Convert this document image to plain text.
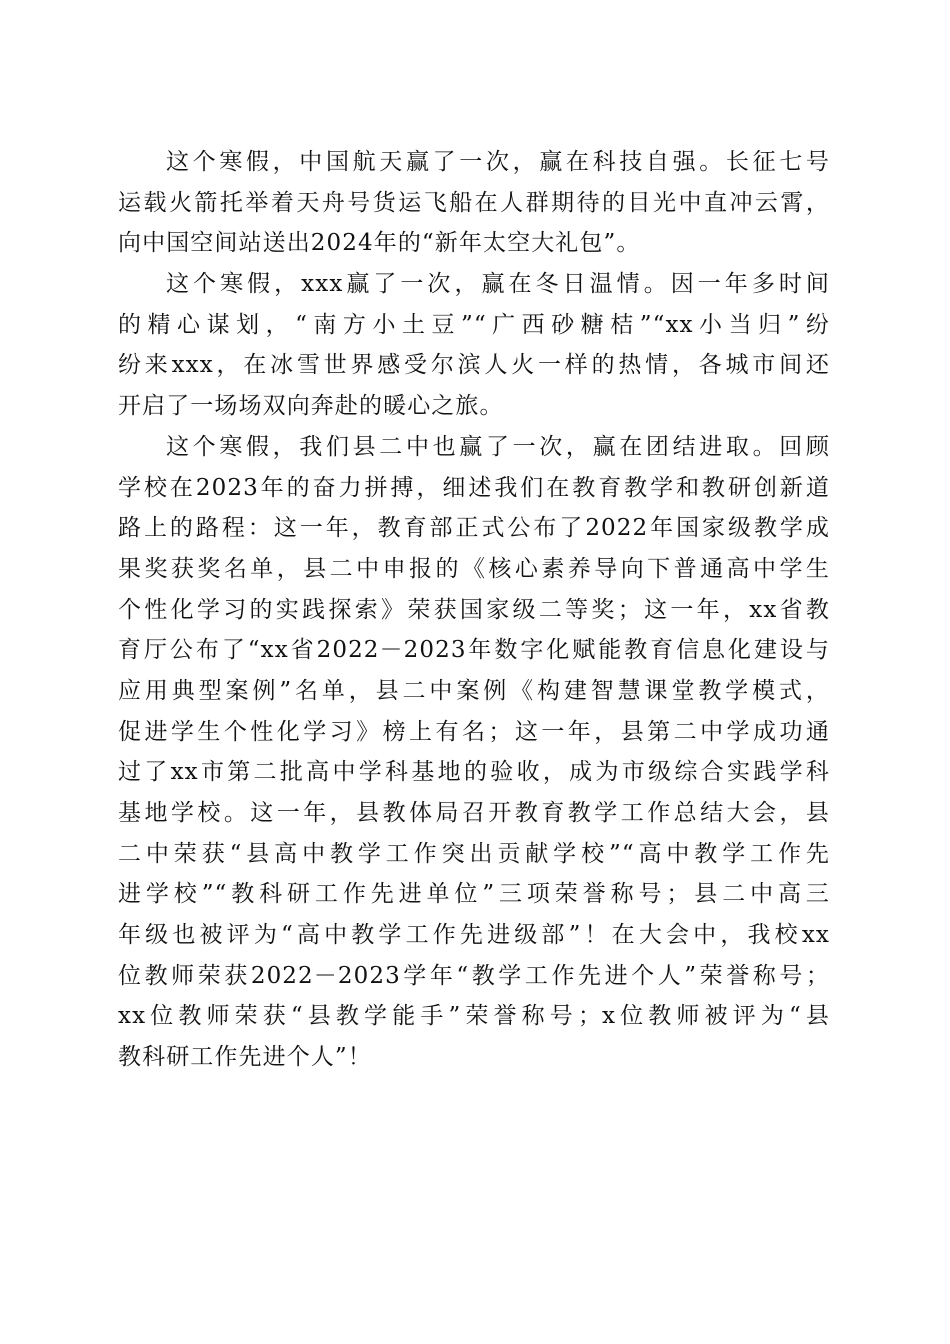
这个寒假，中国航天赢了一次，赢在科技自强。长征七号
运载火箭托举着天舟号货运飞船在人群期待的目光中直冲云霄，
向中国空间站送出2024年的“新年太空大礼包”。
这个寒假，xxx赢了一次，赢在冬日温情。因一年多时间
的精心谋划，“南方小土豆”“广西砂糖桔”“xx小当归”纷
纷来xxx，在冰雪世界感受尔滨人火一样的热情，各城市间还
开启了一场场双向奔赴的暖心之旅。
这个寒假，我们县二中也赢了一次，赢在团结进取。回顾
学校在2023年的奋力拼搏，细述我们在教育教学和教研创新道
路上的路程：这一年，教育部正式公布了2022年国家级教学成
果奖获奖名单，县二中申报的《核心素养导向下普通高中学生
个性化学习的实践探索》荣获国家级二等奖；这一年，xx省教
育厅公布了“xx省2022－2023年数字化赋能教育信息化建设与
应用典型案例”名单，县二中案例《构建智慧课堂教学模式，
促进学生个性化学习》榜上有名；这一年，县第二中学成功通
过了xx市第二批高中学科基地的验收，成为市级综合实践学科
基地学校。这一年，县教体局召开教育教学工作总结大会，县
二中荣获“县高中教学工作突出贡献学校”“高中教学工作先
进学校”“教科研工作先进单位”三项荣誉称号；县二中高三
年级也被评为“高中教学工作先进级部”！在大会中，我校xx
位教师荣获2022－2023学年“教学工作先进个人”荣誉称号；
xx位教师荣获“县教学能手”荣誉称号；x位教师被评为“县
教科研工作先进个人”！
